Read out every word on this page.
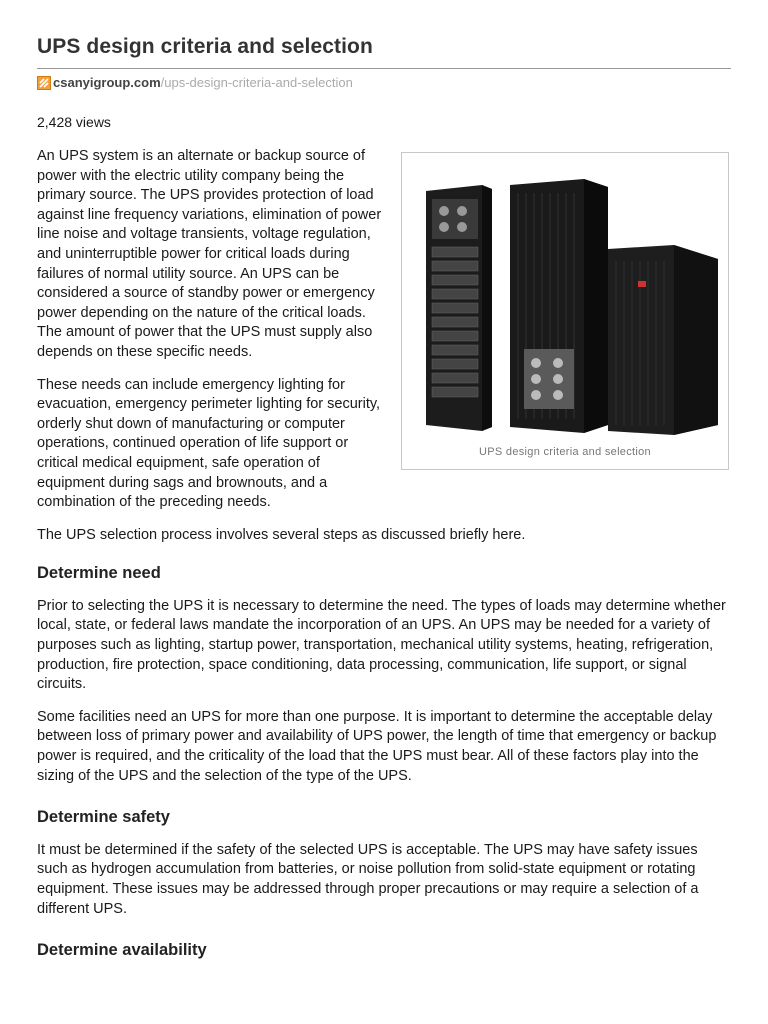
UPS design criteria and selection
csanyigroup.com/ups-design-criteria-and-selection
2,428 views
UPS design criteria and selection

An UPS system is an alternate or backup source of power with the electric utility company being the primary source. The UPS provides protection of load against line frequency variations, elimination of power line noise and voltage transients, voltage regulation, and uninterruptible power for critical loads during failures of normal utility source. An UPS can be considered a source of standby power or emergency power depending on the nature of the critical loads. The amount of power that the UPS must supply also depends on these specific needs.

These needs can include emergency lighting for evacuation, emergency perimeter lighting for security, orderly shut down of manufacturing or computer operations, continued operation of life support or critical medical equipment, safe operation of equipment during sags and brownouts, and a combination of the preceding needs.

The UPS selection process involves several steps as discussed briefly here.

Determine need

Prior to selecting the UPS it is necessary to determine the need. The types of loads may determine whether local, state, or federal laws mandate the incorporation of an UPS. An UPS may be needed for a variety of purposes such as lighting, startup power, transportation, mechanical utility systems, heating, refrigeration, production, fire protection, space conditioning, data processing, communication, life support, or signal circuits.

Some facilities need an UPS for more than one purpose. It is important to determine the acceptable delay between loss of primary power and availability of UPS power, the length of time that emergency or backup power is required, and the criticality of the load that the UPS must bear. All of these factors play into the sizing of the UPS and the selection of the type of the UPS.

Determine safety

It must be determined if the safety of the selected UPS is acceptable. The UPS may have safety issues such as hydrogen accumulation from batteries, or noise pollution from solid-state equipment or rotating equipment. These issues may be addressed through proper precautions or may require a selection of a different UPS.

Determine availability
